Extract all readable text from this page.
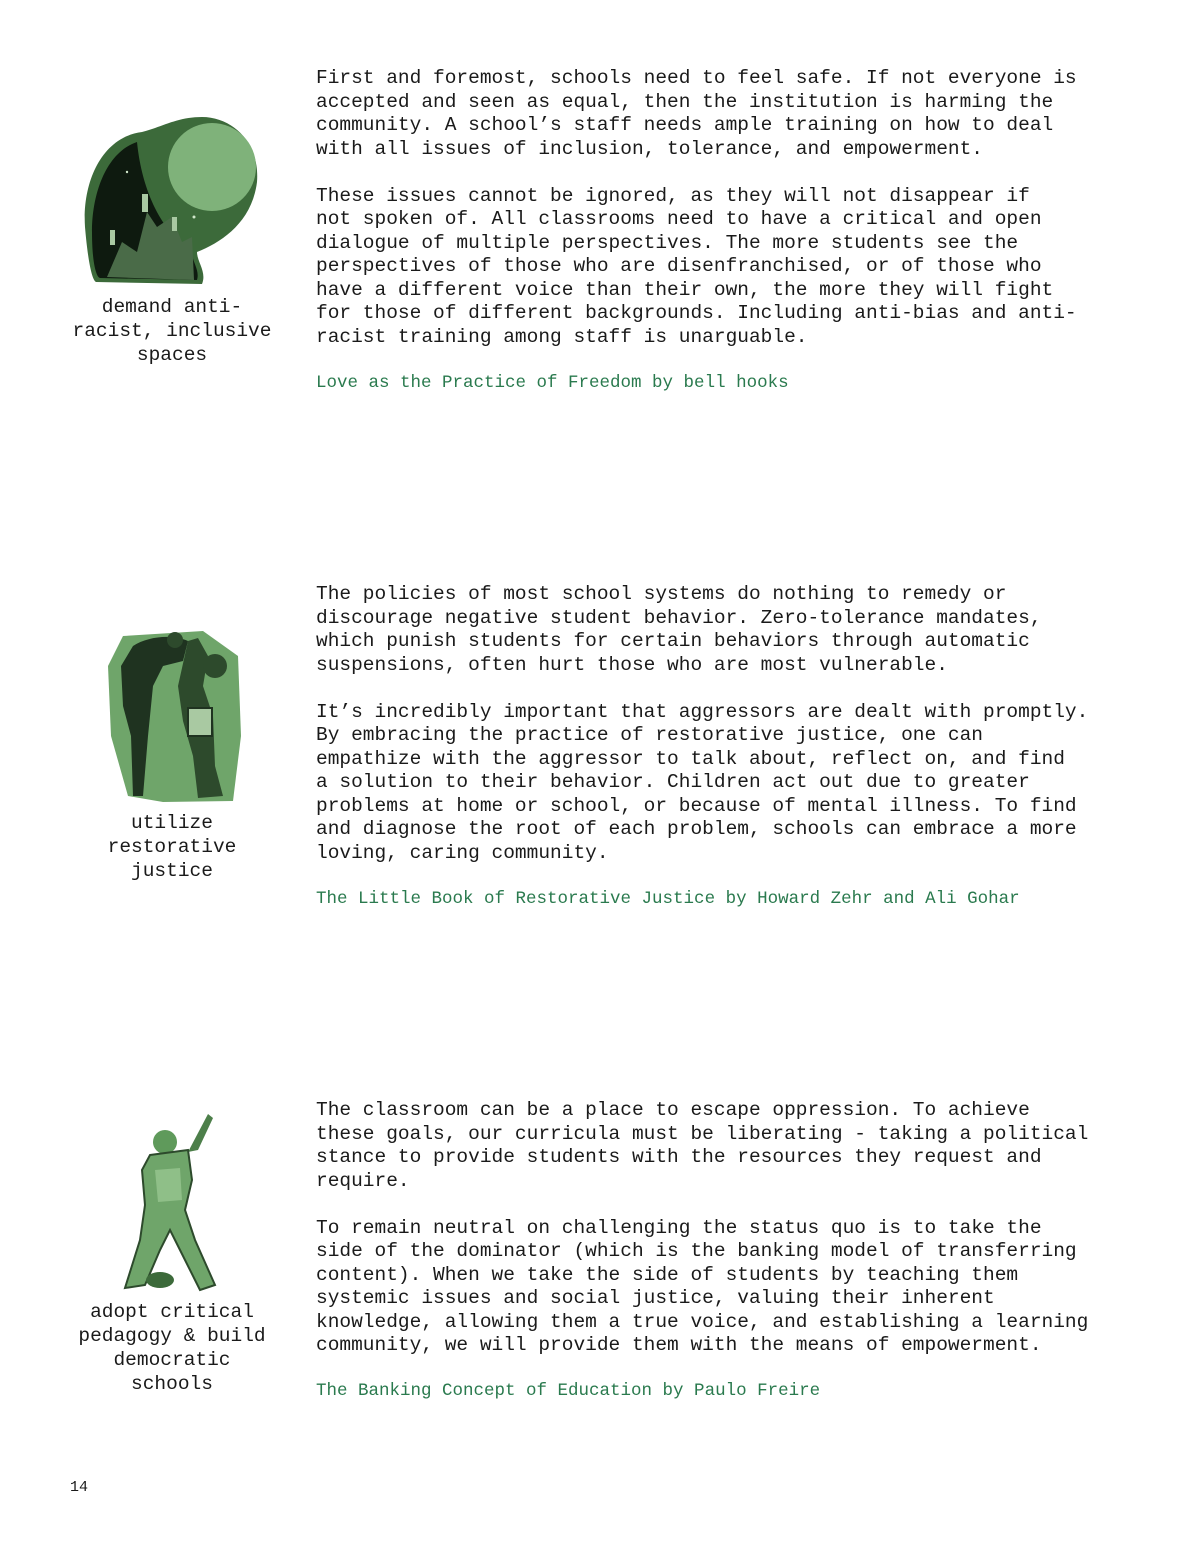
demand anti-
racist, inclusive
spaces

First and foremost, schools need to feel safe. If not everyone is
accepted and seen as equal, then the institution is harming the
community. A school’s staff needs ample training on how to deal
with all issues of inclusion, tolerance, and empowerment.

These issues cannot be ignored, as they will not disappear if
not spoken of. All classrooms need to have a critical and open
dialogue of multiple perspectives. The more students see the
perspectives of those who are disenfranchised, or of those who
have a different voice than their own, the more they will fight
for those of different backgrounds. Including anti-bias and anti-
racist training among staff is unarguable.

Love as the Practice of Freedom by bell hooks
utilize
restorative
justice

The policies of most school systems do nothing to remedy or
discourage negative student behavior. Zero-tolerance mandates,
which punish students for certain behaviors through automatic
suspensions, often hurt those who are most vulnerable.

It’s incredibly important that aggressors are dealt with promptly.
By embracing the practice of restorative justice, one can
empathize with the aggressor to talk about, reflect on, and find
a solution to their behavior. Children act out due to greater
problems at home or school, or because of mental illness. To find
and diagnose the root of each problem, schools can embrace a more
loving, caring community.

The Little Book of Restorative Justice by Howard Zehr and Ali Gohar
adopt critical
pedagogy & build
democratic
schools

The classroom can be a place to escape oppression. To achieve
these goals, our curricula must be liberating - taking a political
stance to provide students with the resources they request and
require.

To remain neutral on challenging the status quo is to take the
side of the dominator (which is the banking model of transferring
content). When we take the side of students by teaching them
systemic issues and social justice, valuing their inherent
knowledge, allowing them a true voice, and establishing a learning
community, we will provide them with the means of empowerment.

The Banking Concept of Education by Paulo Freire
14
